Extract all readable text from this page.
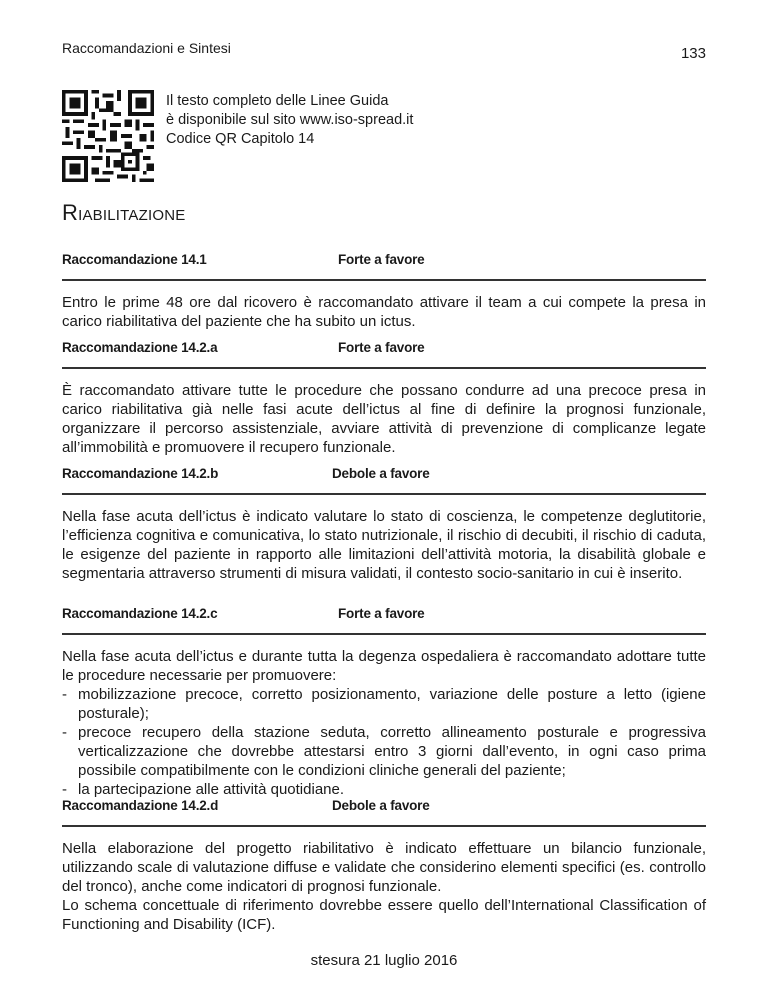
Raccomandazioni e Sintesi	133
Il testo completo delle Linee Guida
è disponibile sul sito www.iso-spread.it
Codice QR Capitolo 14
Riabilitazione
Raccomandazione 14.1	Forte a favore

Entro le prime 48 ore dal ricovero è raccomandato attivare il team a cui compete la presa in carico riabilitativa del paziente che ha subito un ictus.

Raccomandazione 14.2.a	Forte a favore

È raccomandato attivare tutte le procedure che possano condurre ad una precoce presa in carico riabilitativa già nelle fasi acute dell’ictus al fine di definire la prognosi funzionale, organizzare il percorso assistenziale, avviare attività di prevenzione di complicanze legate all’immobilità e promuovere il recupero funzionale.

Raccomandazione 14.2.b	Debole a favore

Nella fase acuta dell’ictus è indicato valutare lo stato di coscienza, le competenze deglutitorie, l’efficienza cognitiva e comunicativa, lo stato nutrizionale, il rischio di decubiti, il rischio di caduta, le esigenze del paziente in rapporto alle limitazioni dell’attività motoria, la disabilità globale e segmentaria attraverso strumenti di misura validati, il contesto socio-sanitario in cui è inserito.

Raccomandazione 14.2.c	Forte a favore

Nella fase acuta dell’ictus e durante tutta la degenza ospedaliera è raccomandato adottare tutte le procedure necessarie per promuovere:

- mobilizzazione precoce, corretto posizionamento, variazione delle posture a letto (igiene posturale);
- precoce recupero della stazione seduta, corretto allineamento posturale e progressiva verticalizzazione che dovrebbe attestarsi entro 3 giorni dall’evento, in ogni caso prima possibile compatibilmente con le condizioni cliniche generali del paziente;
- la partecipazione alle attività quotidiane.
Raccomandazione 14.2.d	Debole a favore

Nella elaborazione del progetto riabilitativo è indicato effettuare un bilancio funzionale, utilizzando scale di valutazione diffuse e validate che considerino elementi specifici (es. controllo del tronco), anche come indicatori di prognosi funzionale.

Lo schema concettuale di riferimento dovrebbe essere quello dell’International Classification of Functioning and Disability (ICF).

stesura 21 luglio 2016
